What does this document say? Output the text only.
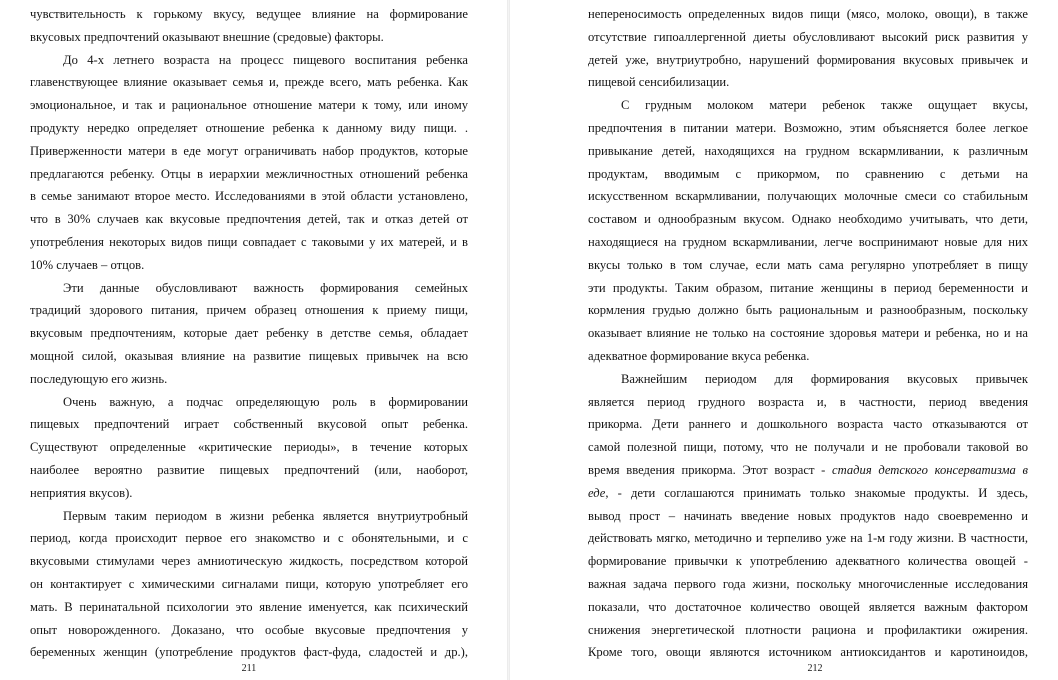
чувствительность к горькому вкусу, ведущее влияние на формирование
вкусовых предпочтений оказывают внешние (средовые) факторы.
До 4-х летнего возраста на процесс пищевого воспитания ребенка
главенствующее влияние оказывает семья и, прежде всего, мать ребенка. Как
эмоциональное, и так и рациональное отношение матери к тому, или иному
продукту нередко определяет отношение ребенка к данному виду пищи. .
Приверженности матери в еде могут ограничивать набор продуктов, которые
предлагаются ребенку. Отцы в иерархии межличностных отношений ребенка
в семье занимают второе место. Исследованиями в этой области установлено,
что в 30% случаев как вкусовые предпочтения детей, так и отказ детей от
употребления некоторых видов пищи совпадает с таковыми у их матерей, и в
10% случаев – отцов.
Эти данные обусловливают важность формирования семейных
традиций здорового питания, причем образец отношения к приему пищи,
вкусовым предпочтениям, которые дает ребенку в детстве семья, обладает
мощной силой, оказывая влияние на развитие пищевых привычек на всю
последующую его жизнь.
Очень важную, а подчас определяющую роль в формировании
пищевых предпочтений играет собственный вкусовой опыт ребенка.
Существуют определенные «критические периоды», в течение которых
наиболее вероятно развитие пищевых предпочтений (или, наоборот,
неприятия вкусов).
Первым таким периодом в жизни ребенка является внутриутробный
период, когда происходит первое его знакомство и с обонятельными, и с
вкусовыми стимулами через амниотическую жидкость, посредством которой
он контактирует с химическими сигналами пищи, которую употребляет его
мать. В перинатальной психологии это явление именуется, как психический
опыт новорожденного. Доказано, что особые вкусовые предпочтения у
беременных женщин (употребление продуктов фаст-фуда, сладостей и др.),
211
непереносимость определенных видов пищи (мясо, молоко, овощи), в также
отсутствие гипоаллергенной диеты обусловливают высокий риск развития у
детей уже, внутриутробно, нарушений формирования вкусовых привычек и
пищевой сенсибилизации.
С грудным молоком матери ребенок также ощущает вкусы,
предпочтения в питании матери. Возможно, этим объясняется более легкое
привыкание детей, находящихся на грудном вскармливании, к различным
продуктам, вводимым с прикормом, по сравнению с детьми на
искусственном вскармливании, получающих молочные смеси со стабильным
составом и однообразным вкусом. Однако необходимо учитывать, что дети,
находящиеся на грудном вскармливании, легче воспринимают новые для них
вкусы только в том случае, если мать сама регулярно употребляет в пищу
эти продукты. Таким образом, питание женщины в период беременности и
кормления грудью должно быть рациональным и разнообразным, поскольку
оказывает влияние не только на состояние здоровья матери и ребенка, но и на
адекватное формирование вкуса ребенка.
Важнейшим периодом для формирования вкусовых привычек
является период грудного возраста и, в частности, период введения
прикорма. Дети раннего и дошкольного возраста часто отказываются от
самой полезной пищи, потому, что не получали и не пробовали таковой во
время введения прикорма. Этот возраст - стадия детского консерватизма в
еде, - дети соглашаются принимать только знакомые продукты. И здесь,
вывод прост – начинать введение новых продуктов надо своевременно и
действовать мягко, методично и терпеливо уже на 1-м году жизни. В частности,
формирование привычки к употреблению адекватного количества овощей -
важная задача первого года жизни, поскольку многочисленные исследования
показали, что достаточное количество овощей является важным фактором
снижения энергетической плотности рациона и профилактики ожирения.
Кроме того, овощи являются источником антиоксидантов и каротиноидов,
212
